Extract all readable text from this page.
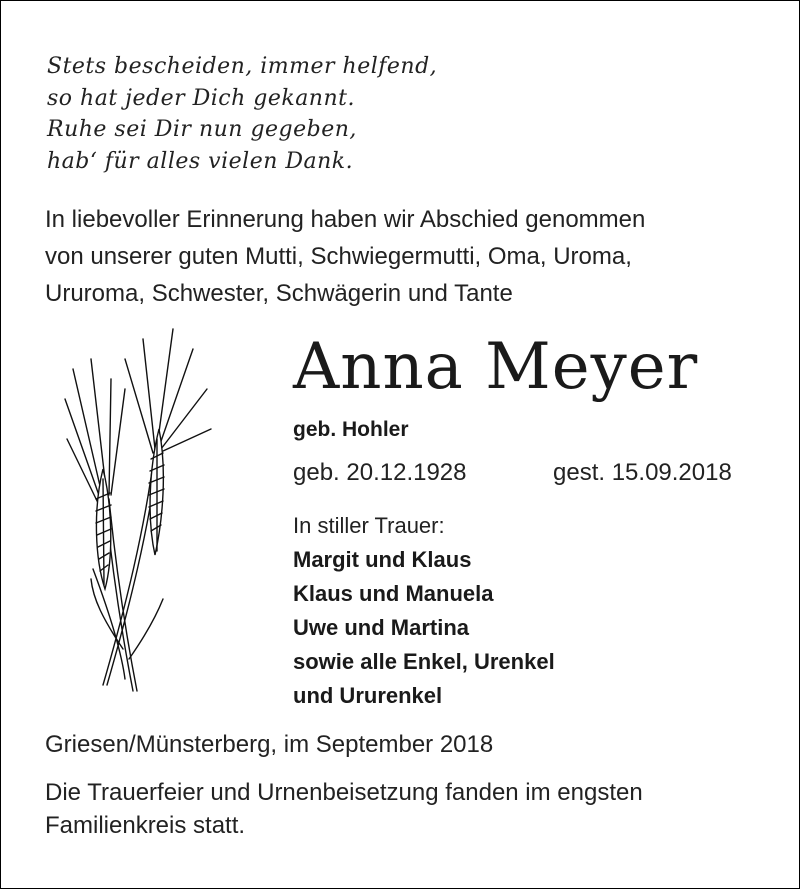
Stets bescheiden, immer helfend,
so hat jeder Dich gekannt.
Ruhe sei Dir nun gegeben,
hab‘ für alles vielen Dank.
In liebevoller Erinnerung haben wir Abschied genommen
von unserer guten Mutti, Schwiegermutti, Oma, Uroma,
Ururoma, Schwester, Schwägerin und Tante
Anna Meyer
geb. Hohler
geb. 20.12.1928	gest. 15.09.2018
In stiller Trauer:
Margit und Klaus
Klaus und Manuela
Uwe und Martina
sowie alle Enkel, Urenkel
und Ururenkel
Griesen/Münsterberg, im September 2018
Die Trauerfeier und Urnenbeisetzung fanden im engsten
Familienkreis statt.
